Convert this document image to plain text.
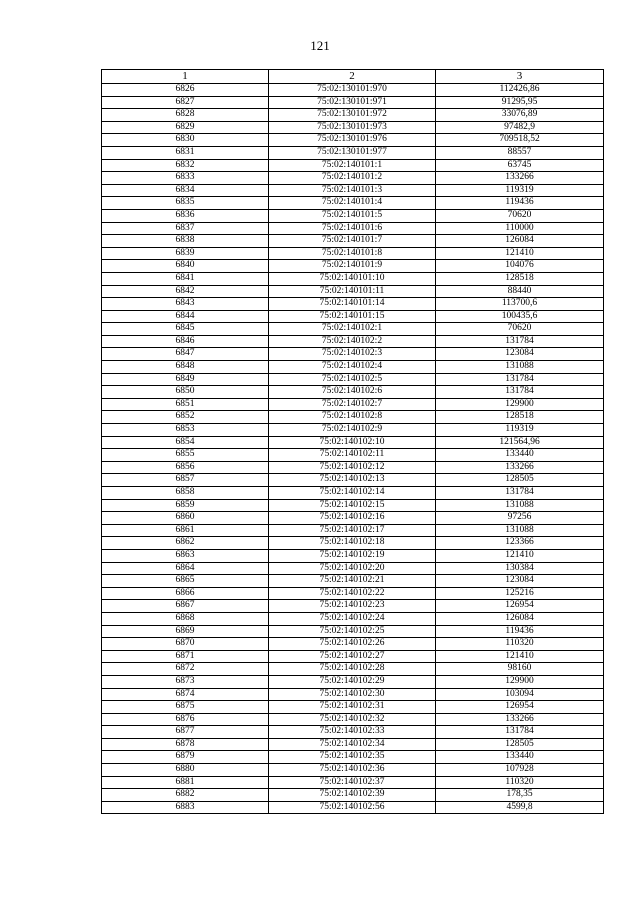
121
1	2	3
6826	75:02:130101:970	112426,86
6827	75:02:130101:971	91295,95
6828	75:02:130101:972	33076,89
6829	75:02:130101:973	97482,9
6830	75:02:130101:976	709518,52
6831	75:02:130101:977	88557
6832	75:02:140101:1	63745
6833	75:02:140101:2	133266
6834	75:02:140101:3	119319
6835	75:02:140101:4	119436
6836	75:02:140101:5	70620
6837	75:02:140101:6	110000
6838	75:02:140101:7	126084
6839	75:02:140101:8	121410
6840	75:02:140101:9	104076
6841	75:02:140101:10	128518
6842	75:02:140101:11	88440
6843	75:02:140101:14	113700,6
6844	75:02:140101:15	100435,6
6845	75:02:140102:1	70620
6846	75:02:140102:2	131784
6847	75:02:140102:3	123084
6848	75:02:140102:4	131088
6849	75:02:140102:5	131784
6850	75:02:140102:6	131784
6851	75:02:140102:7	129900
6852	75:02:140102:8	128518
6853	75:02:140102:9	119319
6854	75:02:140102:10	121564,96
6855	75:02:140102:11	133440
6856	75:02:140102:12	133266
6857	75:02:140102:13	128505
6858	75:02:140102:14	131784
6859	75:02:140102:15	131088
6860	75:02:140102:16	97256
6861	75:02:140102:17	131088
6862	75:02:140102:18	123366
6863	75:02:140102:19	121410
6864	75:02:140102:20	130384
6865	75:02:140102:21	123084
6866	75:02:140102:22	125216
6867	75:02:140102:23	126954
6868	75:02:140102:24	126084
6869	75:02:140102:25	119436
6870	75:02:140102:26	110320
6871	75:02:140102:27	121410
6872	75:02:140102:28	98160
6873	75:02:140102:29	129900
6874	75:02:140102:30	103094
6875	75:02:140102:31	126954
6876	75:02:140102:32	133266
6877	75:02:140102:33	131784
6878	75:02:140102:34	128505
6879	75:02:140102:35	133440
6880	75:02:140102:36	107928
6881	75:02:140102:37	110320
6882	75:02:140102:39	178,35
6883	75:02:140102:56	4599,8
